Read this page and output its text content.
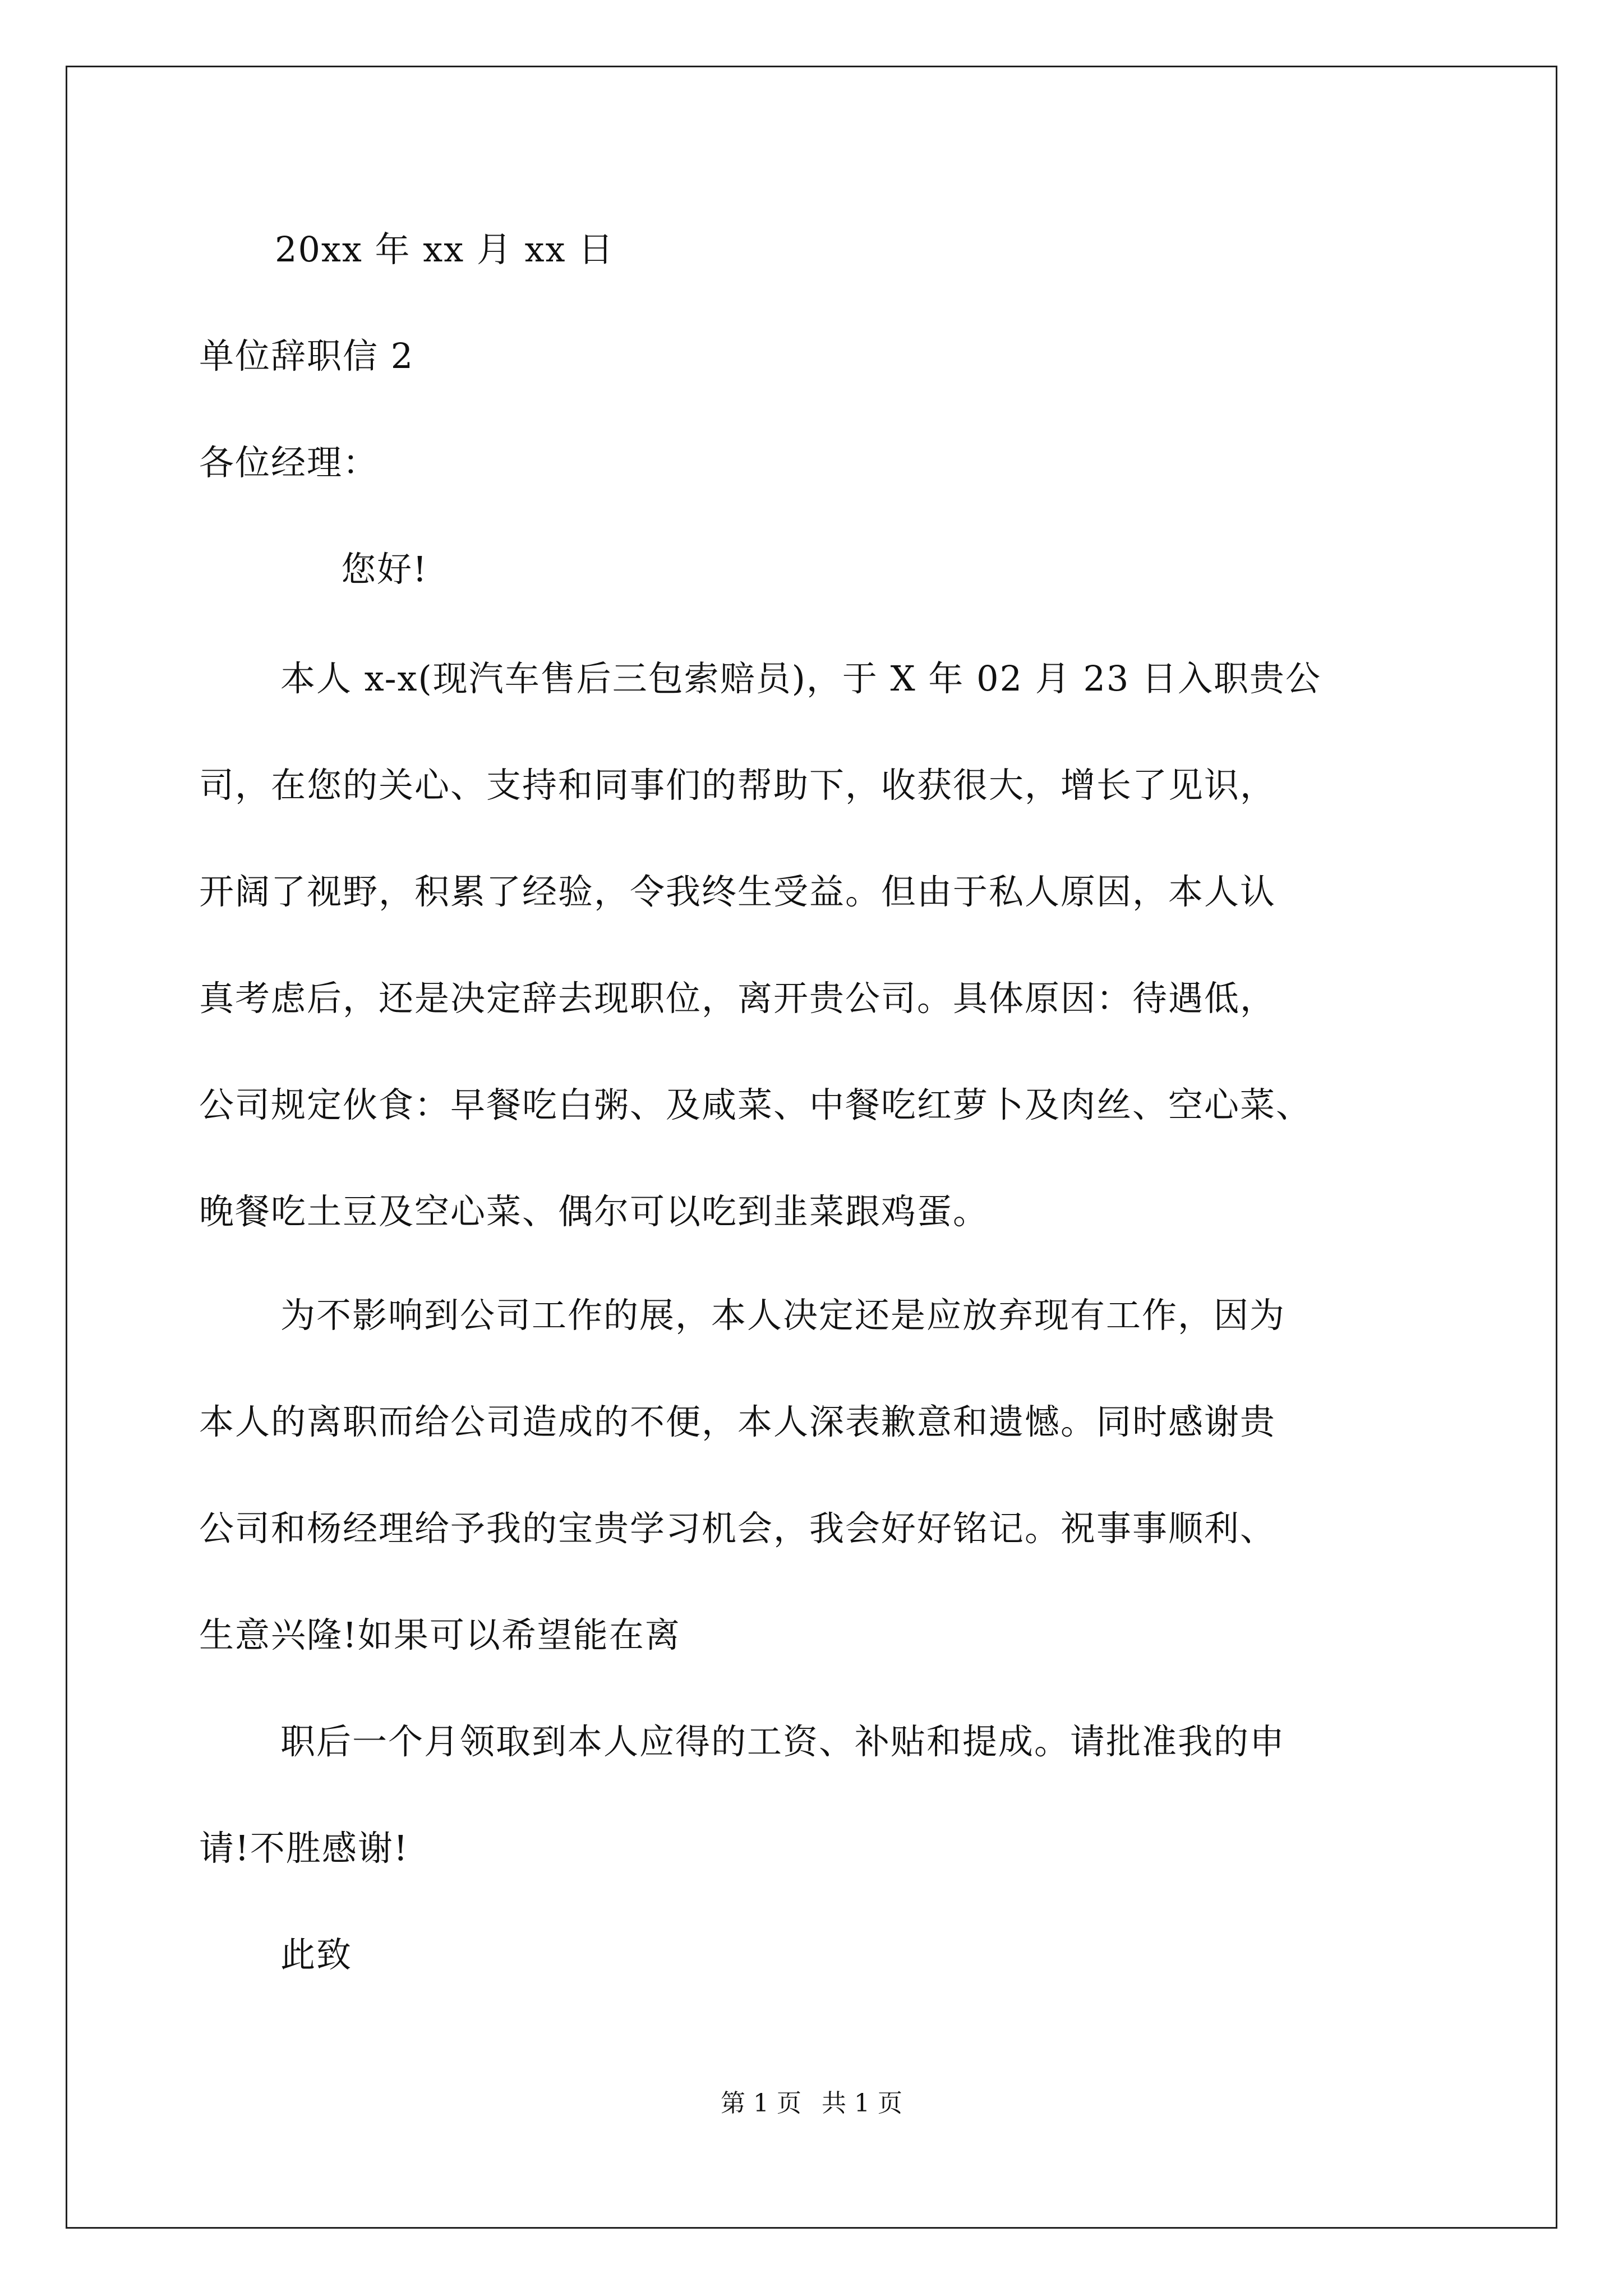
20xx 年 xx 月 xx 日
单位辞职信 2
各位经理：
您好!
本人 x-x(现汽车售后三包索赔员)，于 X 年 02 月 23 日入职贵公
司，在您的关心、支持和同事们的帮助下，收获很大，增长了见识，
开阔了视野，积累了经验，令我终生受益。但由于私人原因，本人认
真考虑后，还是决定辞去现职位，离开贵公司。具体原因：待遇低，
公司规定伙食：早餐吃白粥、及咸菜、中餐吃红萝卜及肉丝、空心菜、
晚餐吃土豆及空心菜、偶尔可以吃到韭菜跟鸡蛋。
为不影响到公司工作的展，本人决定还是应放弃现有工作，因为
本人的离职而给公司造成的不便，本人深表歉意和遗憾。同时感谢贵
公司和杨经理给予我的宝贵学习机会，我会好好铭记。祝事事顺利、
生意兴隆!如果可以希望能在离
职后一个月领取到本人应得的工资、补贴和提成。请批准我的申
请!不胜感谢!
此致
第 1 页 共 1 页
